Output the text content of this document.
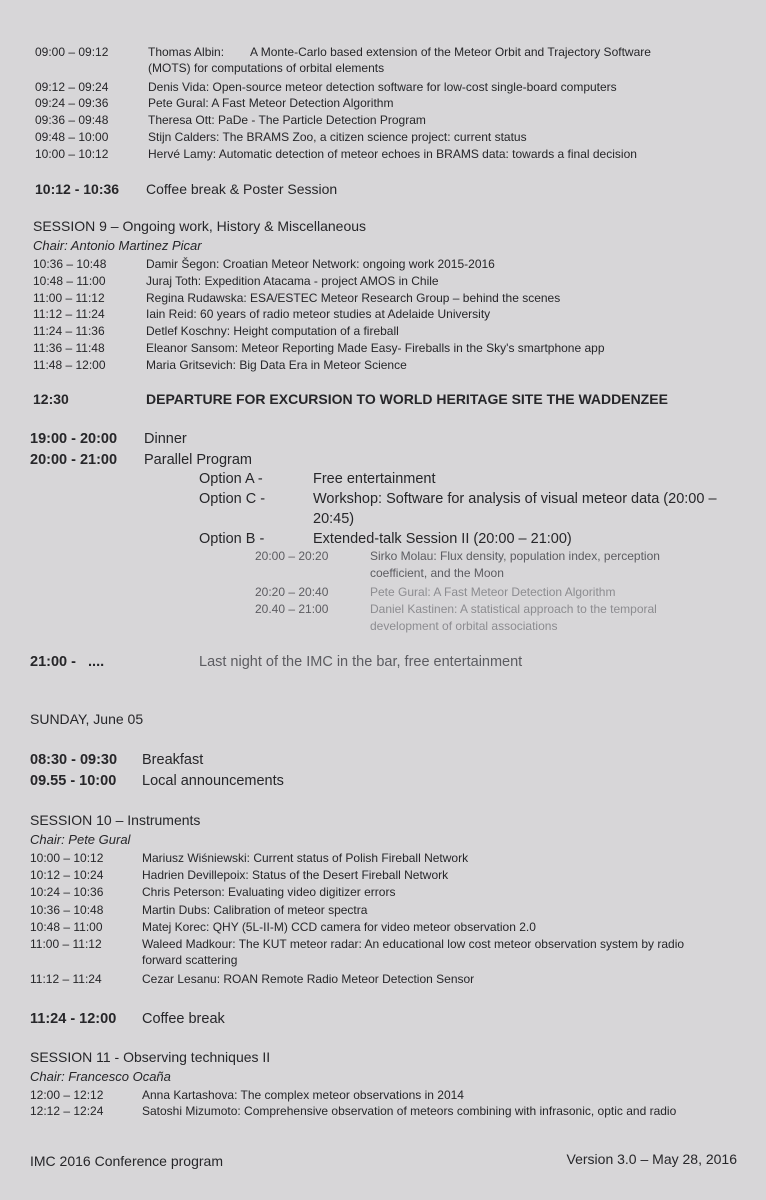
09:00 – 09:12	Thomas Albin:        A Monte-Carlo based extension of the Meteor Orbit and Trajectory Software
(MOTS) for computations of orbital elements
09:12 – 09:24	Denis Vida: Open-source meteor detection software for low-cost single-board computers
09:24 – 09:36	Pete Gural: A Fast Meteor Detection Algorithm
09:36 – 09:48	Theresa Ott: PaDe - The Particle Detection Program
09:48 – 10:00	Stijn Calders: The BRAMS Zoo, a citizen science project: current status
10:00 – 10:12	Hervé Lamy: Automatic detection of meteor echoes in BRAMS data: towards a final decision
10:12 - 10:36 Coffee break & Poster Session
SESSION 9 – Ongoing work, History & Miscellaneous
Chair: Antonio Martinez Picar
10:36 – 10:48	Damir Šegon: Croatian Meteor Network: ongoing work 2015-2016
10:48 – 11:00	Juraj Toth: Expedition Atacama - project AMOS in Chile
11:00 – 11:12	Regina Rudawska: ESA/ESTEC Meteor Research Group – behind the scenes
11:12 – 11:24	Iain Reid: 60 years of radio meteor studies at Adelaide University
11:24 – 11:36	Detlef Koschny: Height computation of a fireball
11:36 – 11:48	Eleanor Sansom: Meteor Reporting Made Easy- Fireballs in the Sky's smartphone app
11:48 – 12:00	Maria Gritsevich: Big Data Era in Meteor Science
12:30	DEPARTURE FOR EXCURSION TO WORLD HERITAGE SITE THE WADDENZEE
19:00 - 20:00 Dinner
20:00 - 21:00 Parallel Program
Option A -	Free entertainment
Option C -	Workshop: Software for analysis of visual meteor data (20:00 –
20:45)
Option B -	Extended-talk Session II (20:00 – 21:00)
20:00 – 20:20	Sirko Molau: Flux density, population index, perception
coefficient, and the Moon
20:20 – 20:40	Pete Gural: A Fast Meteor Detection Algorithm
20.40 – 21:00	Daniel Kastinen: A statistical approach to the temporal
development of orbital associations
21:00 -   ....	Last night of the IMC in the bar, free entertainment
SUNDAY, June 05
08:30 - 09:30 Breakfast
09.55 - 10:00 Local announcements
SESSION 10 – Instruments
Chair: Pete Gural
10:00 – 10:12	Mariusz Wiśniewski: Current status of Polish Fireball Network
10:12 – 10:24	Hadrien Devillepoix: Status of the Desert Fireball Network
10:24 – 10:36	Chris Peterson: Evaluating video digitizer errors
10:36 – 10:48	Martin Dubs: Calibration of meteor spectra
10:48 – 11:00	Matej Korec: QHY (5L-II-M) CCD camera for video meteor observation 2.0
11:00 – 11:12	Waleed Madkour: The KUT meteor radar: An educational low cost meteor observation system by radio
forward scattering
11:12 – 11:24	Cezar Lesanu: ROAN Remote Radio Meteor Detection Sensor
11:24 - 12:00 Coffee break
SESSION 11 - Observing techniques II
Chair: Francesco Ocaña
12:00 – 12:12	Anna Kartashova: The complex meteor observations in 2014
12:12 – 12:24	Satoshi Mizumoto: Comprehensive observation of meteors combining with infrasonic, optic and radio
IMC 2016 Conference program	Version 3.0 – May 28, 2016
